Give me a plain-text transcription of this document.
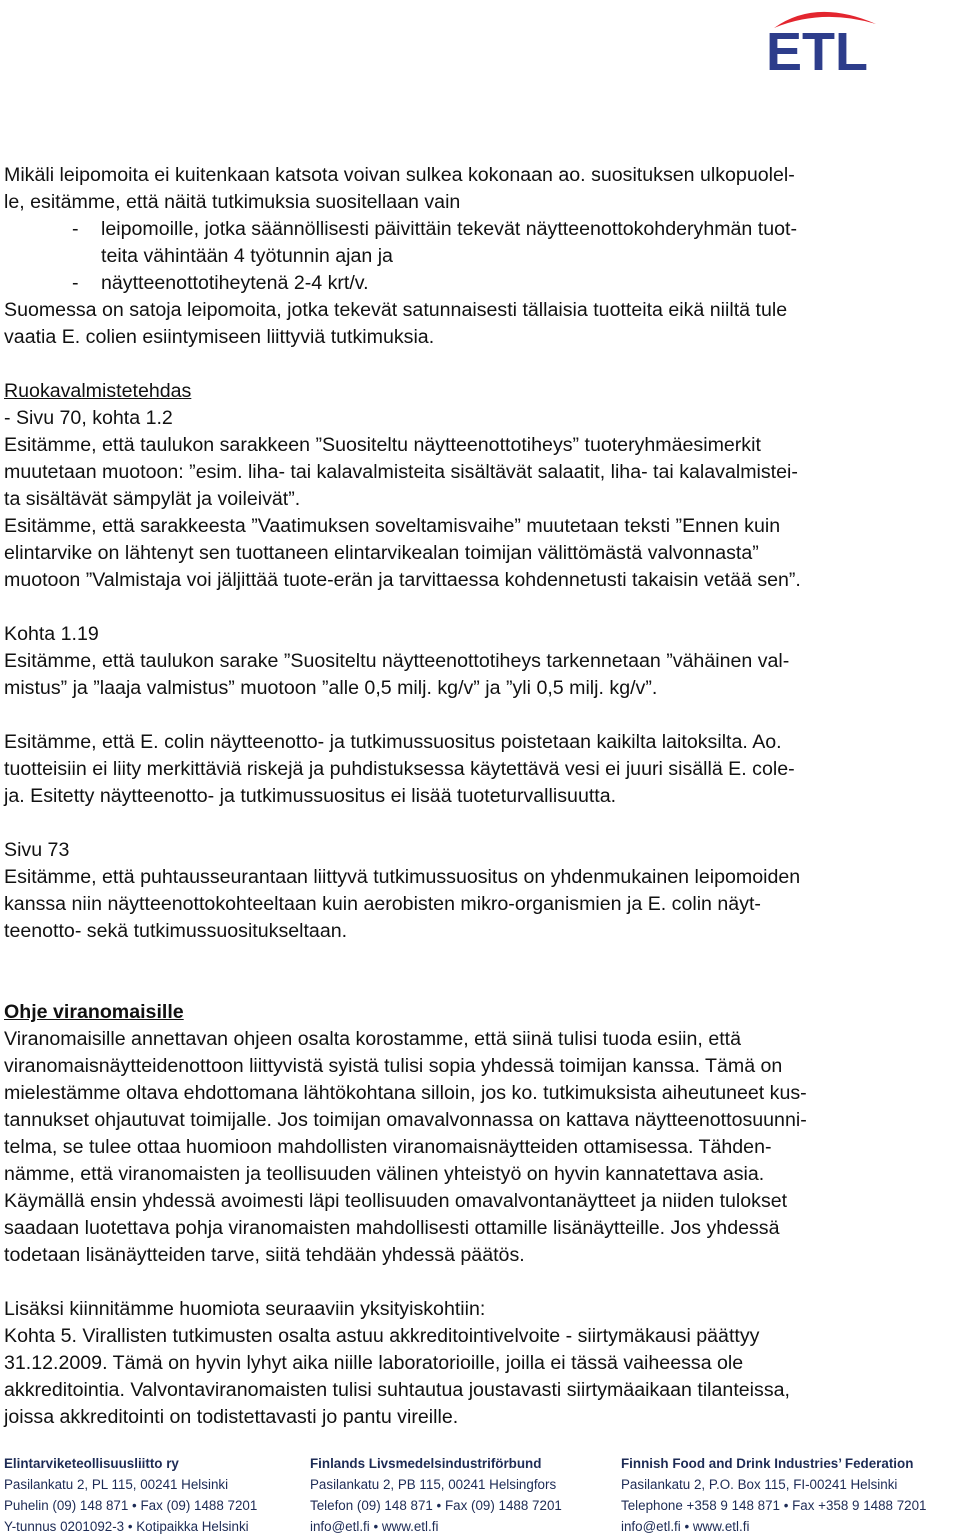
ETL

Mikäli leipomoita ei kuitenkaan katsota voivan sulkea kokonaan ao. suosituksen ulkopuolel-

le, esitämme, että näitä tutkimuksia suositellaan vain

- leipomoille, jotka säännöllisesti päivittäin tekevät näytteenottokohderyhmän tuot-
teita vähintään 4 työtunnin ajan ja
- näytteenottotiheytenä 2-4 krt/v.

Suomessa on satoja leipomoita, jotka tekevät satunnaisesti tällaisia tuotteita eikä niiltä tule

vaatia E. colien esiintymiseen liittyviä tutkimuksia.

Ruokavalmistetehdas

- Sivu 70, kohta 1.2

Esitämme, että taulukon sarakkeen ”Suositeltu näytteenottotiheys” tuoteryhmäesimerkit

muutetaan muotoon: ”esim. liha- tai kalavalmisteita sisältävät salaatit, liha- tai kalavalmistei-

ta sisältävät sämpylät ja voileivät”.

Esitämme, että sarakkeesta ”Vaatimuksen soveltamisvaihe” muutetaan teksti ”Ennen kuin

elintarvike on lähtenyt sen tuottaneen elintarvikealan toimijan välittömästä valvonnasta”

muotoon ”Valmistaja voi jäljittää tuote-erän ja tarvittaessa kohdennetusti takaisin vetää sen”.

Kohta 1.19

Esitämme, että taulukon sarake ”Suositeltu näytteenottotiheys tarkennetaan ”vähäinen val-

mistus” ja ”laaja valmistus” muotoon ”alle 0,5 milj. kg/v” ja ”yli 0,5 milj. kg/v”.

Esitämme, että E. colin näytteenotto- ja tutkimussuositus poistetaan kaikilta laitoksilta. Ao.

tuotteisiin ei liity merkittäviä riskejä ja puhdistuksessa käytettävä vesi ei juuri sisällä E. cole-

ja. Esitetty näytteenotto- ja tutkimussuositus ei lisää tuoteturvallisuutta.

Sivu 73

Esitämme, että puhtausseurantaan liittyvä tutkimussuositus on yhdenmukainen leipomoiden

kanssa niin näytteenottokohteeltaan kuin aerobisten mikro-organismien ja E. colin näyt-

teenotto- sekä tutkimussuositukseltaan.

Ohje viranomaisille

Viranomaisille annettavan ohjeen osalta korostamme, että siinä tulisi tuoda esiin, että

viranomaisnäytteidenottoon liittyvistä syistä tulisi sopia yhdessä toimijan kanssa. Tämä on

mielestämme oltava ehdottomana lähtökohtana silloin, jos ko. tutkimuksista aiheutuneet kus-

tannukset ohjautuvat toimijalle. Jos toimijan omavalvonnassa on kattava näytteenottosuunni-

telma, se tulee ottaa huomioon mahdollisten viranomaisnäytteiden ottamisessa. Tähden-

nämme, että viranomaisten ja teollisuuden välinen yhteistyö on hyvin kannatettava asia.

Käymällä ensin yhdessä avoimesti läpi teollisuuden omavalvontanäytteet ja niiden tulokset

saadaan luotettava pohja viranomaisten mahdollisesti ottamille lisänäytteille. Jos yhdessä

todetaan lisänäytteiden tarve, siitä tehdään yhdessä päätös.

Lisäksi kiinnitämme huomiota seuraaviin yksityiskohtiin:

Kohta 5. Virallisten tutkimusten osalta astuu akkreditointivelvoite - siirtymäkausi päättyy

31.12.2009. Tämä on hyvin lyhyt aika niille laboratorioille, joilla ei tässä vaiheessa ole

akkreditointia. Valvontaviranomaisten tulisi suhtautua joustavasti siirtymäaikaan tilanteissa,

joissa akkreditointi on todistettavasti jo pantu vireille.

Elintarviketeollisuusliitto ry
Pasilankatu 2, PL 115, 00241 Helsinki
Puhelin (09) 148 871 • Fax (09) 1488 7201
Y-tunnus 0201092-3 • Kotipaikka Helsinki
Finlands Livsmedelsindustriförbund
Pasilankatu 2, PB 115, 00241 Helsingfors
Telefon (09) 148 871 • Fax (09) 1488 7201
info@etl.fi • www.etl.fi
Finnish Food and Drink Industries’ Federation
Pasilankatu 2, P.O. Box 115, FI-00241 Helsinki
Telephone +358 9 148 871 • Fax +358 9 1488 7201
info@etl.fi • www.etl.fi
